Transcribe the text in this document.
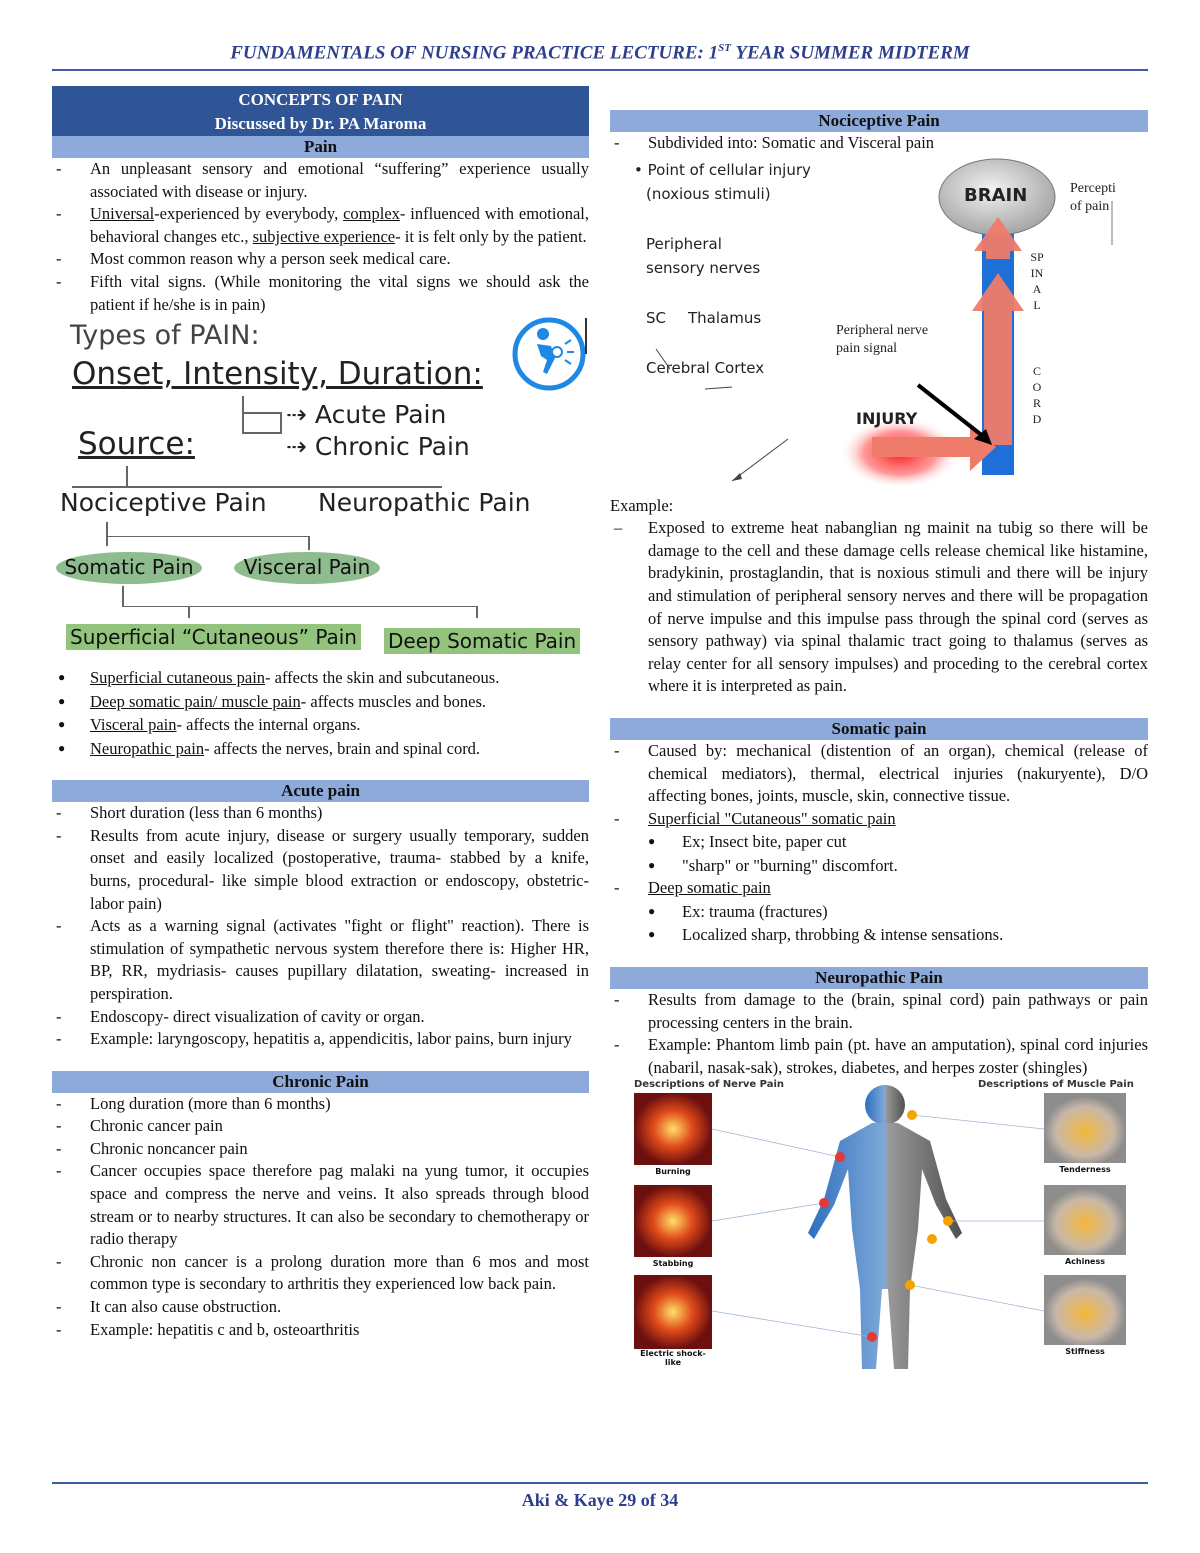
FUNDAMENTALS OF NURSING PRACTICE LECTURE: 1ST YEAR SUMMER MIDTERM
CONCEPTS OF PAIN
Discussed by Dr. PA Maroma
Pain
- An unpleasant sensory and emotional “suffering” experience usually associated with disease or injury.
- Universal-experienced by everybody, complex- influenced with emotional, behavioral changes etc., subjective experience- it is felt only by the patient.
- Most common reason why a person seek medical care.
- Fifth vital signs. (While monitoring the vital signs we should ask the patient if he/she is in pain)
Types of PAIN:
Onset, Intensity, Duration:
⇢ Acute Pain
⇢ Chronic Pain
Source:
Nociceptive Pain Neuropathic Pain
Somatic Pain	Visceral Pain
Superficial “Cutaneous” Pain Deep Somatic Pain
● Superficial cutaneous pain- affects the skin and subcutaneous.
● Deep somatic pain/ muscle pain- affects muscles and bones.
● Visceral pain- affects the internal organs.
● Neuropathic pain- affects the nerves, brain and spinal cord.
Acute pain
- Short duration (less than 6 months)
- Results from acute injury, disease or surgery usually temporary, sudden onset and easily localized (postoperative, trauma- stabbed by a knife, burns, procedural- like simple blood extraction or endoscopy, obstetric-labor pain)
- Acts as a warning signal (activates "fight or flight" reaction). There is stimulation of sympathetic nervous system therefore there is: Higher HR, BP, RR, mydriasis- causes pupillary dilatation, sweating- increased in perspiration.
- Endoscopy- direct visualization of cavity or organ.
- Example: laryngoscopy, hepatitis a, appendicitis, labor pains, burn injury
Chronic Pain
- Long duration (more than 6 months)
- Chronic cancer pain
- Chronic noncancer pain
- Cancer occupies space therefore pag malaki na yung tumor, it occupies space and compress the nerve and veins. It also spreads through blood stream or to nearby structures. It can also be secondary to chemotherapy or radio therapy
- Chronic non cancer is a prolong duration more than 6 mos and most common type is secondary to arthritis they experienced low back pain.
- It can also cause obstruction.
- Example: hepatitis c and b, osteoarthritis
Nociceptive Pain
- Subdivided into: Somatic and Visceral pain
• Point of cellular injury
(noxious stimuli)
Peripheral
sensory nerves
SC Thalamus
Cerebral Cortex
BRAIN	Percepti
of pain
Peripheral nerve
pain signal
INJURY
SPINAL
CORD
Example:
– Exposed to extreme heat nabanglian ng mainit na tubig so there will be damage to the cell and these damage cells release chemical like histamine, bradykinin, prostaglandin, that is noxious stimuli and there will be injury and stimulation of peripheral sensory nerves and there will be propagation of nerve impulse and this impulse pass through the spinal cord (serves as sensory pathway) via spinal thalamic tract going to thalamus (serves as relay center for all sensory impulses) and proceding to the cerebral cortex where it is interpreted as pain.
Somatic pain
- Caused by: mechanical (distention of an organ), chemical (release of chemical mediators), thermal, electrical injuries (nakuryente), D/O affecting bones, joints, muscle, skin, connective tissue.
- Superficial "Cutaneous" somatic pain
● Ex; Insect bite, paper cut
● "sharp" or "burning" discomfort.
- Deep somatic pain
● Ex: trauma (fractures)
● Localized sharp, throbbing & intense sensations.
Neuropathic Pain
- Results from damage to the (brain, spinal cord) pain pathways or pain processing centers in the brain.
- Example: Phantom limb pain (pt. have an amputation), spinal cord injuries (nabaril, nasak-sak), strokes, diabetes, and herpes zoster (shingles)
Descriptions of Nerve Pain	Descriptions of Muscle Pain
Burning
Stabbing
Electric shock-like
Tenderness
Achiness
Stiffness
Aki & Kaye 29 of 34
